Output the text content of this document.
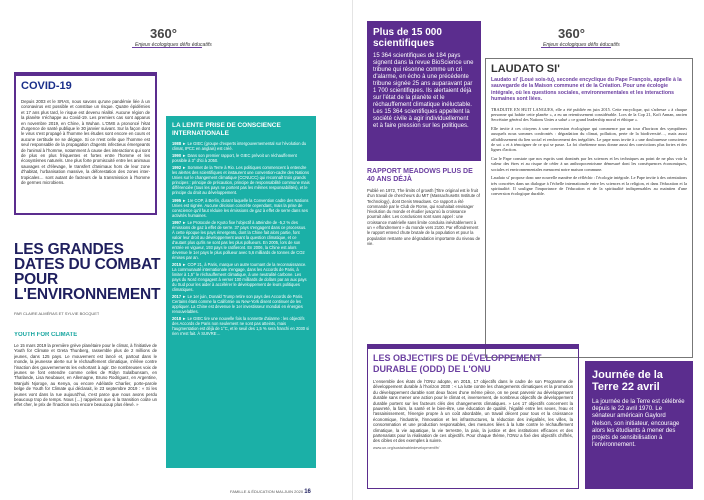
360°
Enjeux écologiques défis éducatifs
COVID-19
Depuis 2003 et le SRAS, nous savons qu'une pandémie liée à un coronavirus est possible et constitue un risque. Quatre épidémies et 17 ans plus tard, le risque est devenu réalité. Aucune région de la planète n'échappe au Covid-19. Les premiers cas sont apparus en novembre 2019, en Chine, à Wuhan. L'OMS a prononcé l'état d'urgence de santé publique le 30 janvier suivant. Sur la façon dont le virus s'est propagé à l'homme les études sont encore en cours et aucune certitude ne se dégage. Si ce n'est celle que l'homme est seul responsable de la propagation d'agents infectieux émergeants de l'animal à l'homme, notamment à cause des interactions qui sont de plus en plus fréquentes et fortes entre l'homme et les écosystèmes naturels. Une plus forte promiscuité entre les animaux sauvages et d'élevage, le transfert d'animaux hors de leur zone d'habitat, l'urbanisation massive, la déforestation des zones inter-tropicales… sont autant de facteurs de la transmission à l'homme de germes microbiens.
LES GRANDES DATES DU COMBAT POUR L'ENVIRONNEMENT
PAR CLAIRE ALMÉRAS ET SYLVIE BOCQUET
YOUTH FOR CLIMATE
Le 15 mars 2019 la première grève planétaire pour le climat, à l'initiative de Youth for Climate et Greta Thunberg, rassemble plus de 2 millions de jeunes, dans 125 pays. Le mouvement est lancé et, partout dans le monde, la jeunesse alerte sur le réchauffement climatique, s'élève contre l'inaction des gouvernements les exhortant à agir. De nombreuses voix de jeunes se font entendre comme celles de Ridyn Sulalbunsam, en Thaïlande, Lisa Neubauer, en Allemagne, Bruno Rodriguez, en Argentine, Wanjuhi Njoroge, au Kenya, ou encore Adélaïde Charlier, porte-parole belge de Youth for Climate qui déclarait, le 23 septembre 2019 : « Si les jeunes vont dans la rue aujourd'hui, c'est parce que nous avons perdu beaucoup trop de temps. Nous (…) rappelons que si la transition coûte un effet cher, le prix de l'inaction sera encore beaucoup plus élevé. »
LA LENTE PRISE DE CONSCIENCE INTERNATIONALE
1988 ► Le GIEC (groupe d'experts intergouvernemental sur l'évolution du climat, IPCC en anglais) est créé.
1990 ► Dans son premier rapport, le GIEC prévoit un réchauffement possible à 3° d'ici à 2050.
1992 ► Sommet de la Terre à Rio. Les politiques commencent à entendre les alertes des scientifiques et instaurent une convention-cadre des Nations Unies sur le changement climatique (CCNUCC) qui reconnaît trois grands principes : principe de précaution, principe de responsabilité commune mais différenciée (tous les pays ne portent pas les mêmes responsabilités), et le principe du droit au développement.
1995 ► 1re COP, à Berlin, durant laquelle la Convention cadre des Nations Unies est signée. Aucune décision concrète cependant, mais la prise de conscience qu'il faut réduire les émissions de gaz à effet de serre dans ses activités humaines.
1997 ► Le Protocole de Kyoto fixe l'objectif à atteindre de -5,2 % des émissions de gaz à effet de serre. 37 pays s'engagent dans ce processus. À cette époque les pays émergents, dont la Chine fait alors partie, font valoir leur droit au développement avant la question climatique, et ce d'autant plus qu'ils ne sont pas les plus pollueurs. En 2005, lors de son entrée en vigueur, 193 pays le ratifieront. En 2006, la Chine est alors devenue le 1er pays le plus pollueur avec 5,6 milliards de tonnes de CO2 émises par an.
2015 ► COP 21, à Paris, marque un autre tournant de la reconnaissance. La communauté internationale s'engage, dans les Accords de Paris, à limiter à 1,5° le réchauffement climatique, à une neutralité carbone. Les pays du Nord s'engagent à verser 100 milliards de dollars par an aux pays du Sud pour les aider à accélérer le développement de leurs politiques climatiques.
2017 ► Le 1er juin, Donald Trump retire son pays des Accords de Paris. Certains états comme la Californie ou New-York disent continuer de les appliquer. La Chine est devenue le 1er investisseur mondial en énergies renouvelables.
2018 ► Le GIEC tire une nouvelle fois la sonnette d'alarme : les objectifs des Accords de Paris non seulement ne sont pas atteints, mais l'augmentation est déjà de 1°C, et le seuil des 1,5 % sera franchi en 2030 si rien n'est fait. À SUIVRE…
FAMILLE & ÉDUCATION MAI-JUIN 2020 16
360°
Enjeux écologiques défis éducatifs
Plus de 15 000 scientifiques
15 364 scientifiques de 184 pays signent dans la revue BioScience une tribune qui résonne comme un cri d'alarme, en écho à une précédente tribune signée 25 ans auparavant par 1 700 scientifiques. Ils alertaient déjà sur l'état de la planète et le réchauffement climatique inéluctable. Les 15 364 scientifiques appellent la société civile à agir individuellement et à faire pression sur les politiques.
RAPPORT MEADOWS PLUS DE 40 ANS DÉJÀ
Publié en 1972, The limits of growth [Titre original est le fruit d'un travail de chercheurs du MIT (Massachusetts Institute of Technology), dont Denis Meadows. Ce rapport a été commandé par le Club de Rome, qui souhaitait envisager l'évolution du monde et étudier jusqu'où la croissance pourrait aller. Les conclusions sont sans appel : une croissance matérielle sans limite conduira inévitablement à un « effondrement » du monde vers 2100. Par effondrement le rapport entend chute brutale de la population et pour la population restante une dégradation importante du niveau de vie.
LAUDATO SI'
Laudato si' (Loué sois-tu), seconde encyclique du Pape François, appelle à la sauvegarde de la Maison commune et de la Création. Pour une écologie intégrale, où les questions sociales, environnementales et les interactions humaines sont liées.
TRADUITE EN HUIT LANGUES, elle a été publiée en juin 2015. Cette encyclique, qui s'adresse « à chaque personne qui habite cette planète », a eu un retentissement considérable. Lors de la Cop 21, Kofi Annan, ancien Secrétaire général des Nations Unies a salué « ce grand leadership moral et éthique ».
Elle invite à ces citoyens à une conversion écologique qui commence par un tour d'horizon des symptômes auxquels nous sommes confrontés : dégradation du climat, pollution, perte de la biodiversité…, mais aussi affaiblissement du lien social et renforcement des inégalités. Le pape nous invite à « une douloureuse conscience de soi » et à témoigner de ce qui se passe. La foi chrétienne nous donne aussi des convictions plus fortes et des lignes d'action.
Car le Pape constate que nos esprits sont dominés par les sciences et les techniques au point de ne plus voir la valeur des êtres et au risque de céder à un anthropocentrisme démesuré dont les conséquences économiques, sociales et environnementales menacent notre maison commune.
Laudato si' propose donc une nouvelle manière de réfléchir : l'écologie intégrale. Le Pape invite à des orientations très concrètes dans un dialogue à l'échelle internationale entre les sciences et la religion, et dans l'éducation et la spiritualité. Il souligne l'importance de l'éducation et de la spiritualité indispensables au maintien d'une conversion écologique durable.
LES OBJECTIFS DE DÉVELOPPEMENT DURABLE (ODD) DE L'ONU
L'ensemble des états de l'ONU adopte, en 2015, 17 objectifs dans le cadre de son Programme de développement durable à l'horizon 2030 : « La lutte contre les changements climatiques et la promotion du développement durable sont deux faces d'une même pièce, on ne peut parvenir au développement durable sans mener une action pour le climat et, inversement, de nombreux objectifs de développement durable portent sur les facteurs clés des changements climatiques. » Les 17 objectifs concernent la pauvreté, la faim, la santé et le bien-être, une éducation de qualité, l'égalité entre les sexes, l'eau et l'assainissement, l'énergie propre à un coût abordable, un travail décent pour tous et la croissance économique, l'industrie, l'innovation et les infrastructures, la réduction des inégalités, les villes, la consommation et une production responsables, des mesures liées à la lutte contre le réchauffement climatique, la vie aquatique, la vie terrestre, la paix, la justice et des institutions efficaces et des partenariats pour la réalisation de ces objectifs. Pour chaque thème, l'ONU a fixé des objectifs chiffrés, des cibles et des exemples à suivre.
www.un.org/sustainabledevelopment/fr/
Journée de la Terre 22 avril
La journée de la Terre est célébrée depuis le 22 avril 1970. Le sénateur américain Gaylord Nelson, son initiateur, encourage alors les étudiants à mener des projets de sensibilisation à l'environnement.
